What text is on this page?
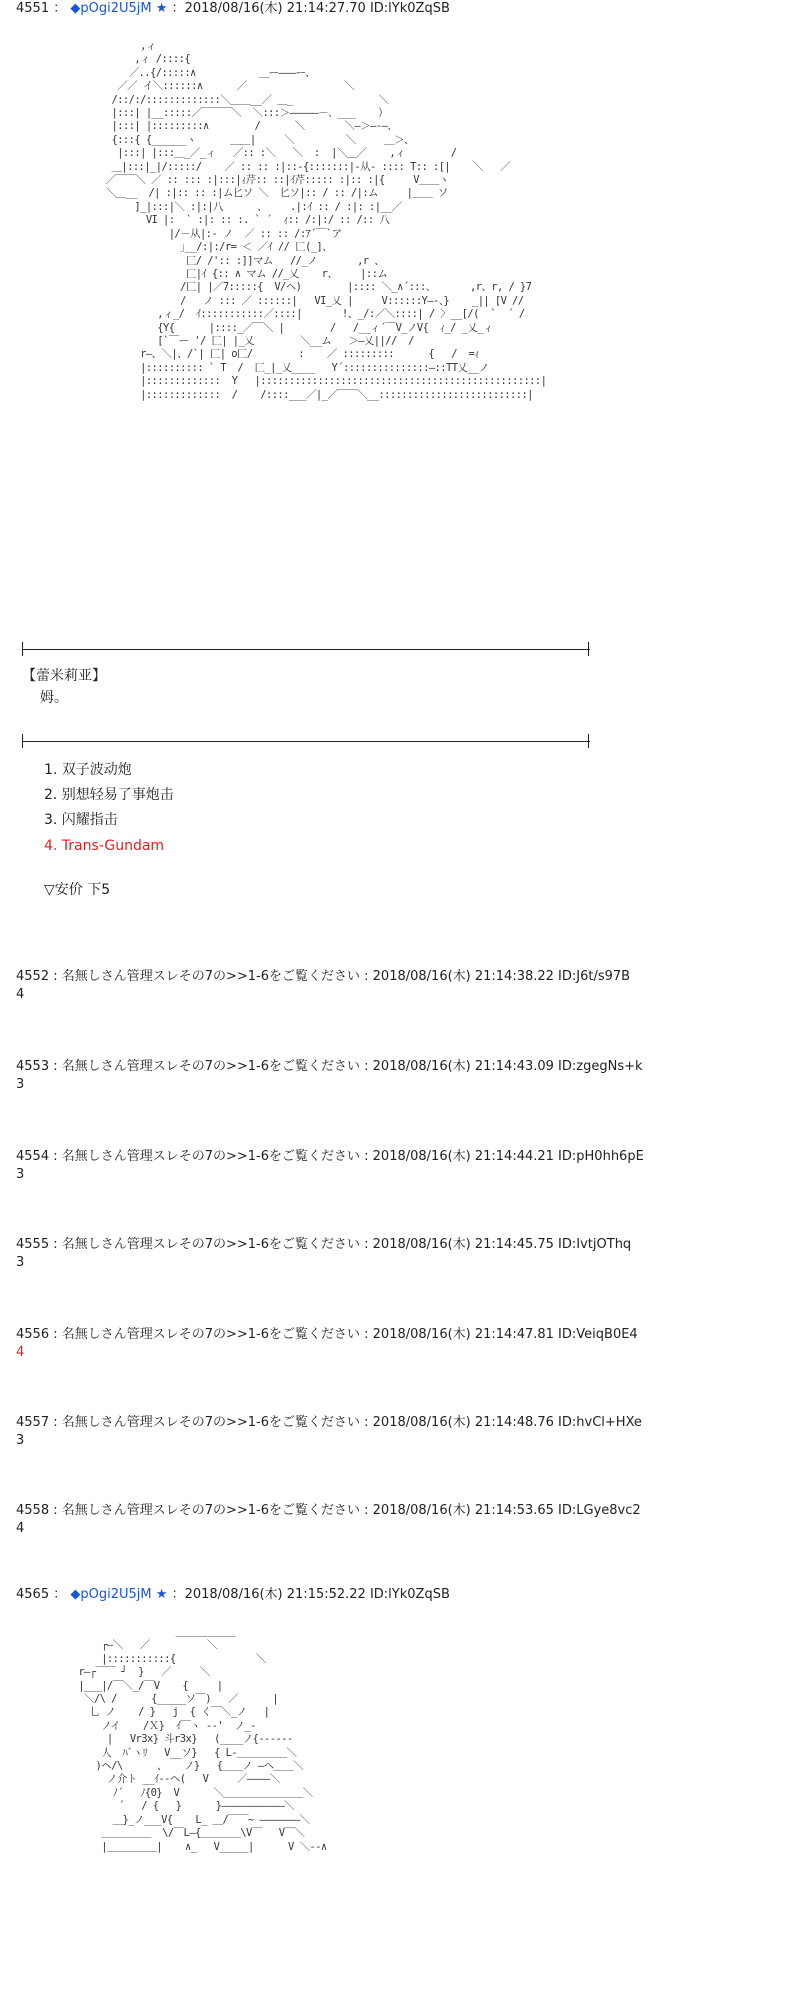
4551 ： ◆pOgi2U5jM ★ ：2018/08/16(木) 21:14:27.70 ID:lYk0ZqSB
,ィ
,ィ /::::{
／..{/:::::∧           ＿ー―――ー、
／／ イ＼::::::∧      ／                 ＼
/::/:/:::::::::::::＼＿＿__／ ＿_               ＼
|:::| |__:::::／￣￣￣＼  ＼:::＞―――――－、___    ）
|:::| |:::::::::∧        /      ＼       ＼―＞―-―、
{:::{ {______ヽ      ＿＿|     ＼         ＼     ＿＞、
|:::| |:::＿_／_ィ   ／:: :＼   ＼  :  |＼＿／    ,ィ        /
＿|:::|_|/:::::/    ／ :: :: :|::-{:::::::|-从- :::: T:: :[|    ＼   ／
／￣￣＼ ／ :: ::: :|:::|ｨ芹:: ::|ｲ芹::::: :|:: :|{     V＿＿ヽ
＼＿__  /| :|:: :: :|ム匕ソ ＼  匕ソ|:: / :: /|:ム     |＿＿ ソ
]_|:::|＼ :|:|八      、    .|:ｲ :: / :|: :|__／
VI |:  ` :|: :: :. ` ´  ｨ:: /:|:/ :: /:: 八
|/－从|:- ノ  ／ :: :: /:ｱ´￣`ア
｣__/:|:/r= ＜ ／ｲ // 匚(_]、
匚/ /':: :]]マム   //_ノ       ,r 、
匚|ｲ {:: ∧ マム //_乂    r、    |::ム
/匚| |／7:::::{  V/ヘ)        |:::: ＼_∧´:::、      ,r、r, / }7
/   ノ ::: ／ ::::::|   VI_乂 |     V::::::Y―-、}    _|| [V //
,ィ_/  ｲ:::::::::::／::::|       !、_/:／＼::::| / 〉__[/(  `  ´ /
{Y{      |::::_／￣＼ |        /   /__ィ´￣V_ノV{  ｨ_/ _乂_ィ
[`￣ー '/ 匚| |_乂        ＼__ム   ＞―乂||//  /
r―、＼|、/`| 匚| o匚/        :    ／ :::::::::      {   /  =ｨ
|:::::::::: ` T  /  匚_|_乂____   Y´:::::::::::::::―::TT乂__ノ
|:::::::::::::  Y   |:::::::::::::::::::::::::::::::::::::::::::::::::|
|:::::::::::::  /    /::::___／|_／￣￣＼__::::::::::::::::::::::::::|
【蕾米莉亚】
姆。
1. 双子波动炮
2. 别想轻易了事炮击
3. 闪耀指击
4. Trans-Gundam
▽安价 下5
4552 : 名無しさん管理スレその7の>>1-6をご覧ください : 2018/08/16(木) 21:14:38.22 ID:J6t/s97B
4
4553 : 名無しさん管理スレその7の>>1-6をご覧ください : 2018/08/16(木) 21:14:43.09 ID:zgegNs+k
3
4554 : 名無しさん管理スレその7の>>1-6をご覧ください : 2018/08/16(木) 21:14:44.21 ID:pH0hh6pE
3
4555 : 名無しさん管理スレその7の>>1-6をご覧ください : 2018/08/16(木) 21:14:45.75 ID:IvtjOThq
3
4556 : 名無しさん管理スレその7の>>1-6をご覧ください : 2018/08/16(木) 21:14:47.81 ID:VeiqB0E4
4
4557 : 名無しさん管理スレその7の>>1-6をご覧ください : 2018/08/16(木) 21:14:48.76 ID:hvCl+HXe
3
4558 : 名無しさん管理スレその7の>>1-6をご覧ください : 2018/08/16(木) 21:14:53.65 ID:LGye8vc2
4
4565 ： ◆pOgi2U5jM ★ ：2018/08/16(木) 21:15:52.22 ID:lYk0ZqSB
＿＿＿＿＿＿
┌―＼   ／          ＼
|:::::::::::{              ＼
r―┌￣￣ ┘  }   ／     ＼
|___|/￣＼_/￣V    {     |
＼/\ /      {_____ソ￣)   ／      |
乚 ノ    / }   j  { く￣＼_ノ   |
ノイ    /Ｘ}  ｲ￣ヽ --'  ノ_-
|   Vr3x} 斗r3x}   (____ノ{------
人  ﾊﾞヽﾘ   V__ソ}   { L-＿＿＿＿＿＼
)ヘ/\      、   ノ}   {＿＿ノ ―ヘ＿＿＼
ノ介ト __ｲ--ヘ(   V     ／――――＼
ﾉ´   ﾉ{0}  V      ＼＿＿＿＿＿＿＿＿＼
´   / {   }      }―――――――――――＼
＿}_ノ___V{    L_ ＿/￣￣~ ―――――――＼
＿＿＿＿＿  \/￣L―{＿＿＿＿\V￣   V￣＼
|＿＿＿＿＿|    ∧_   V_____|      V ＼--∧
